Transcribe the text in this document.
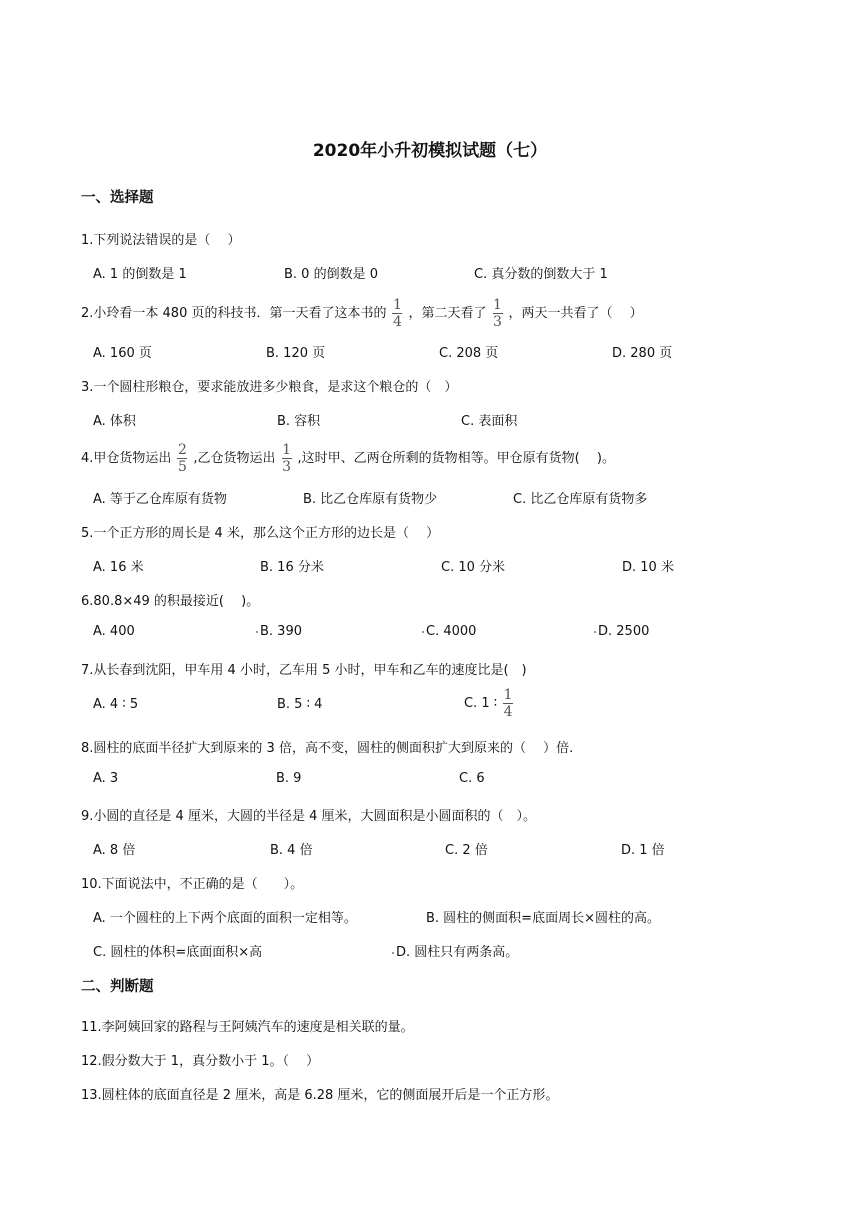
2020年小升初模拟试题（七）
一、选择题
1.下列说法错误的是（　 ）
A. 1 的倒数是 1	B. 0 的倒数是 0	C. 真分数的倒数大于 1
2.小玲看一本 480 页的科技书．第一天看了这本书的 $\frac{1}{4}$ ，第二天看了 $\frac{1}{3}$ ，两天一共看了（　 ）
A. 160 页	B. 120 页	C. 208 页	D. 280 页
3.一个圆柱形粮仓，要求能放进多少粮食，是求这个粮仓的（　）
A. 体积	B. 容积	C. 表面积
4.甲仓货物运出 $\frac{2}{5}$ ,乙仓货物运出 $\frac{1}{3}$ ,这时甲、乙两仓所剩的货物相等。甲仓原有货物(　 )。
A. 等于乙仓库原有货物	B. 比乙仓库原有货物少	C. 比乙仓库原有货物多
5.一个正方形的周长是 4 米，那么这个正方形的边长是（　 ）
A. 16 米	B. 16 分米	C. 10 分米	D. 10 米
6.80.8×49 的积最接近(　 )。
A. 400	B. 390	C. 4000	D. 2500
7.从长春到沈阳，甲车用 4 小时，乙车用 5 小时，甲车和乙车的速度比是(　)
A. 4 ∶ 5	B. 5 ∶ 4	C. 1 ∶ $\frac{1}{4}$
8.圆柱的底面半径扩大到原来的 3 倍，高不变，圆柱的侧面积扩大到原来的（　 ）倍.
A. 3	B. 9	C. 6
9.小圆的直径是 4 厘米，大圆的半径是 4 厘米，大圆面积是小圆面积的（　）。
A. 8 倍	B. 4 倍	C. 2 倍	D. 1 倍
10.下面说法中，不正确的是（　　）。
A. 一个圆柱的上下两个底面的面积一定相等。	B. 圆柱的侧面积=底面周长×圆柱的高。
C. 圆柱的体积=底面面积×高	D. 圆柱只有两条高。
二、判断题
11.李阿姨回家的路程与王阿姨汽车的速度是相关联的量。
12.假分数大于 1，真分数小于 1。（　 ）
13.圆柱体的底面直径是 2 厘米，高是 6.28 厘米，它的侧面展开后是一个正方形。
